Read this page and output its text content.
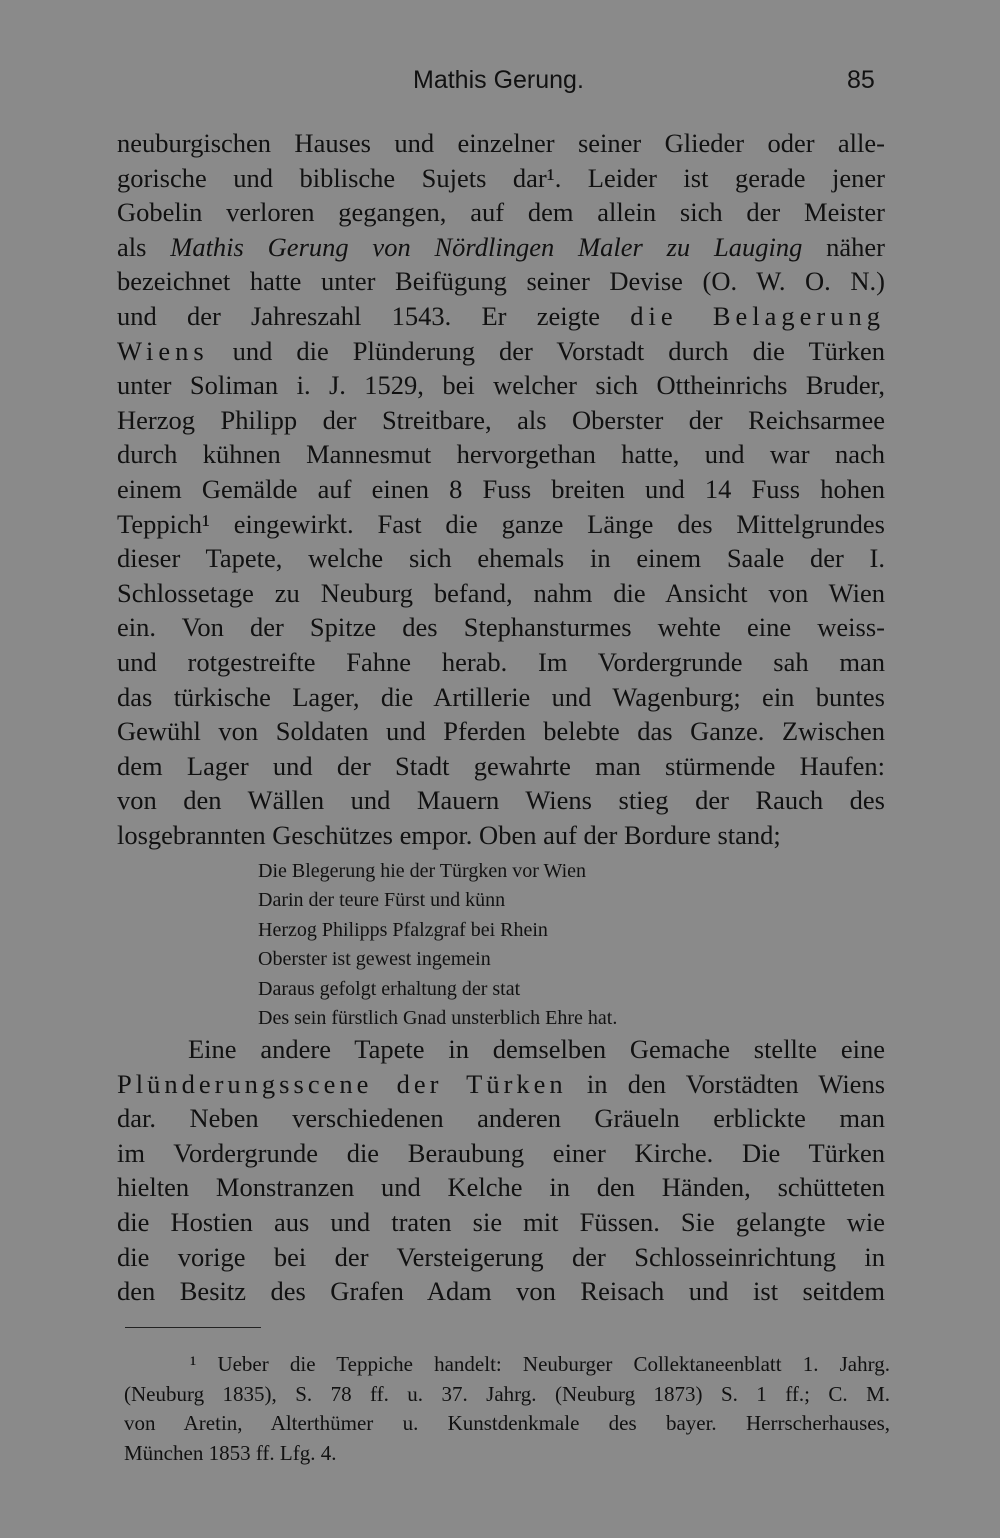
Mathis Gerung.	85
neuburgischen Hauses und einzelner seiner Glieder oder alle-
gorische und biblische Sujets dar¹. Leider ist gerade jener
Gobelin verloren gegangen, auf dem allein sich der Meister
als Mathis Gerung von Nördlingen Maler zu Lauging näher
bezeichnet hatte unter Beifügung seiner Devise (O. W. O. N.)
und der Jahreszahl 1543. Er zeigte die Belagerung
Wiens und die Plünderung der Vorstadt durch die Türken
unter Soliman i. J. 1529, bei welcher sich Ottheinrichs Bruder,
Herzog Philipp der Streitbare, als Oberster der Reichsarmee
durch kühnen Mannesmut hervorgethan hatte, und war nach
einem Gemälde auf einen 8 Fuss breiten und 14 Fuss hohen
Teppich¹ eingewirkt. Fast die ganze Länge des Mittelgrundes
dieser Tapete, welche sich ehemals in einem Saale der I.
Schlossetage zu Neuburg befand, nahm die Ansicht von Wien
ein. Von der Spitze des Stephansturmes wehte eine weiss-
und rotgestreifte Fahne herab. Im Vordergrunde sah man
das türkische Lager, die Artillerie und Wagenburg; ein buntes
Gewühl von Soldaten und Pferden belebte das Ganze. Zwischen
dem Lager und der Stadt gewahrte man stürmende Haufen:
von den Wällen und Mauern Wiens stieg der Rauch des
losgebrannten Geschützes empor. Oben auf der Bordure stand;
Die Blegerung hie der Türgken vor Wien
Darin der teure Fürst und künn
Herzog Philipps Pfalzgraf bei Rhein
Oberster ist gewest ingemein
Daraus gefolgt erhaltung der stat
Des sein fürstlich Gnad unsterblich Ehre hat.
Eine andere Tapete in demselben Gemache stellte eine
Plünderungsscene der Türken in den Vorstädten Wiens
dar. Neben verschiedenen anderen Gräueln erblickte man
im Vordergrunde die Beraubung einer Kirche. Die Türken
hielten Monstranzen und Kelche in den Händen, schütteten
die Hostien aus und traten sie mit Füssen. Sie gelangte wie
die vorige bei der Versteigerung der Schlosseinrichtung in
den Besitz des Grafen Adam von Reisach und ist seitdem
¹ Ueber die Teppiche handelt: Neuburger Collektaneenblatt 1. Jahrg.
(Neuburg 1835), S. 78 ff. u. 37. Jahrg. (Neuburg 1873) S. 1 ff.; C. M.
von Aretin, Alterthümer u. Kunstdenkmale des bayer. Herrscherhauses,
München 1853 ff. Lfg. 4.
